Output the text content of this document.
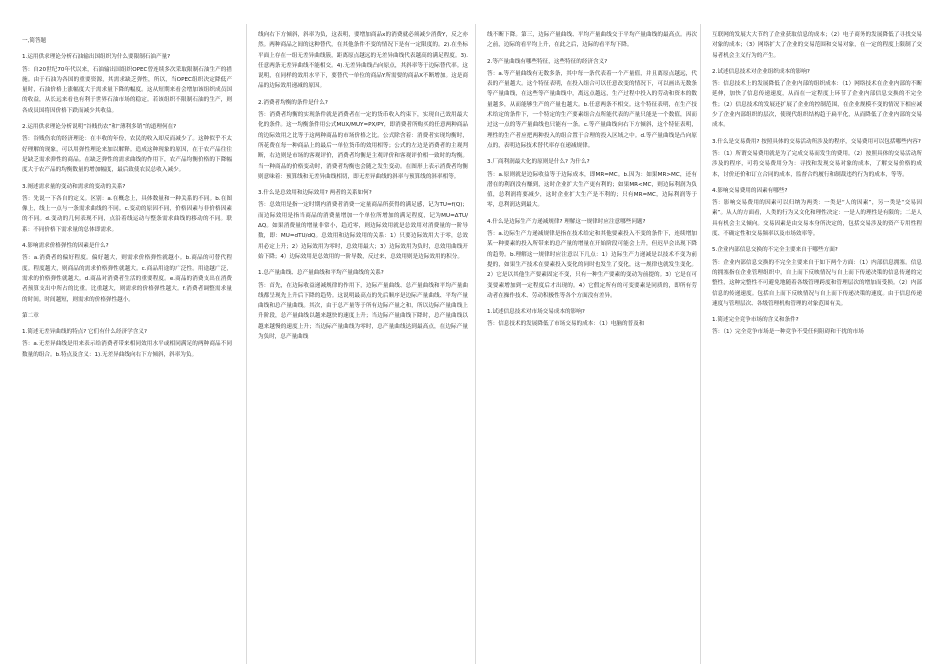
一,简答题

1.运用供求理论分析石油输出国组织为什么要限制石油产量?

答：自20世纪70年代以来，石油输出国组织OPEC曾连续多次采取限制石油生产的措施。由于石油为各国的重要资源，其需求缺乏弹性，所以，当OPEC组织决定降低产量时，石油价格上涨幅度大于需求量下降的幅度。这从短期来看会增加该组织成员国的收益，从长远来看也有利于世界石油市场的稳定。若该组织不限制石油的生产，则各成员国将因价格下跌而减少其收益。

2.运用供求理论分析说明“谷贱伤农”和“薄利多销”的道理何在?

答：谷贱伤农的经济理论：在丰收的年份，农民的收入却反而减少了。这种似乎不太好理解的现象，可以用弹性理论来加以解释。造成这种现象的原因，在于农产品往往是缺乏需求弹性的商品。在缺乏弹性的需求曲线的作用下，农产品均衡价格的下降幅度大于农产品的均衡数量的增加幅度，最后致使农民总收入减少。

3.阐述需求量的变动和需求的变动的关系?

答：先说一下各自的定义。区别：a.在概念上，具体数量和一种关系的不同。b.在图像上，线上一点与一条需求曲线的不同。c.变动的原因不同，价格因素与非价格因素的不同。d.变动的几何表现不同，点沿着线运动与整条需求曲线的移动的不同。联系：不同价格下需求量的总体即需求。

4.影响需求价格弹性的因素是什么?

答：a.消费者的偏好程度。偏好越大，则需求价格弹性就越小。b.商品的可替代程度。程度越大，则商品的需求价格弹性就越大。c.商品用途的广泛性。用途越广泛，需求的价格弹性就越大。d.商品对消费者生活的重要程度。e.商品的消费支出在消费者预算支出中所占的比重。比重越大，则需求的价格弹性越大。f.消费者调整需求量的时间。时间越短，则需求的价格弹性越小。

第二章

1.简述无差异曲线的特点? 它们有什么经济学含义?

答：a.无差异曲线是用来表示给消费者带来相同效用水平或相同满足的两种商品不同数量的组合。b.特点及含义：1).无差异曲线向右下方倾斜，斜率为负。

线向右下方倾斜，斜率为负，这表明，要增加商品x的消费就必须减少消费Y，反之亦然。两种商品之间的这种替代，在其他条件不变的情况下是有一定限度的。2).在坐标平面上存在一组无差异曲线簇，距离原点越远的无差异曲线代表越高的满足程度。3).任意两条无差异曲线不能相交。4).无差异曲线凸向原点，其斜率等于边际替代率。这说明，在同样的效用水平下，要替代一单位的商品Y所需要的商品X不断增加。这是商品的边际效用递减的原因。

2.消费者均衡的条件是什么?

答：消费者均衡的实现条件就是消费者在一定的货币收入约束下，实现自己效用最大化的条件。这一均衡条件用公式MUX/MUY=PX/PY，即消费者所购买的任意两种商品的边际效用之比等于这两种商品的市场价格之比。公式除含着：消费者实现均衡时，所花费在每一种商品上的最后一单位货币的效用相等；公式的左边是消费者的主观判断，右边则是市场的客观评价，消费者均衡是主观评价和客观评价相一致时的均衡。当一种商品的价格变动时，消费者均衡也会随之发生变动。在图形上表示消费者均衡则意味着：预算线和无差异曲线相切，即无差异曲线的斜率与预算线的斜率相等。

3.什么是总效用和边际效用? 两者的关系如何?

答：总效用是指一定时期内消费者消费一定量商品所获得的满足感，记为TU=f(Q)；而边际效用是指当商品的消费量增加一个单位所增加的满足程度，记为MU=ΔTU/ΔQ。如果消费量的增量非常小，趋近零，则边际效用就是总效用对消费量的一阶导数，即：MU=dTU/dQ。总效用和边际效用的关系：1）只要边际效用大于零，总效用必定上升；2）边际效用为零时，总效用最大；3）边际效用为负时，总效用曲线开始下降；4）边际效用是总效用的一阶导数，反过来，总效用则是边际效用的积分。

1.总产量曲线、总产量曲线和平均产量曲线的关系?

答：首先，在边际收益递减规律的作用下，边际产量曲线、总产量曲线和平均产量曲线都呈现先上升后下降的趋势。这说明最高点的先后顺序是边际产量曲线、平均产量曲线和总产量曲线。其次，由于总产量等于所有边际产量之和，所以边际产量曲线上升阶段，总产量曲线以越来越快的速度上升；当边际产量曲线下降时，总产量曲线以越来越慢的速度上升；当边际产量曲线为零时，总产量曲线达到最高点，在边际产量为负时，总产量曲线

线不断下降。第三，边际产量曲线、平均产量曲线交于平均产量曲线的最高点。再次之前，边际的看平均上升，在此之后，边际的看平均下降。

2.等产量曲线有哪些特征，这些特征的经济含义?

答：a.等产量曲线有无数多条，其中每一条代表着一个产量值，并且离原点越远，代表的产量越大。这个特征表明，在投入组合可以任意改变的情况下，可以画出无数条等产量曲线，在这些等产量曲线中，离远点越远，生产过程中投入的劳动和资本的数量越多，从而能够生产的产量也越大。b.任意两条不相交。这个特征表明，在生产技术给定的条件下，一个特定的生产要素组合点所能代表的产量只能是一个数值，因而过这一点的等产量曲线也只能有一条。c.等产量曲线向右下方倾斜，这个特征表明，理性的生产者应把两种投入的组合置于合理的投入区域之中。d.等产量曲线是凸向原点的，表明边际技术替代率存在递减规律。

3.厂商利润最大化的原则是什么? 为什么?

答：a.原则就是边际收益等于边际成本，即MR=MC。b.因为：如果MR>MC，还有潜在的利润没有赚到，这时企业扩大生产更有利的；如果MR<MC，则边际利润为负值，总利润将要减少，这时企业扩大生产是不利的；只有MR=MC，边际利润等于零，总利润达到最大。

4.什么是边际生产力递减规律? 理解这一规律时应注意哪些问题?

答：a.边际生产力递减规律是指在技术给定和其他要素投入不变的条件下，连续增加某一种要素的投入所带来的总产量的增量在开始阶段可能会上升，但迟早会出现下降的趋势。b.理解这一规律时应注意以下几点：1）边际生产力递减是以技术不变为前提的，如果生产技术在要素投入变化的同时也发生了变化，这一规律也就发生变化。2）它是以其他生产要素固定不变，只有一种生产要素的变动为前提的。3）它是在可变要素增加到一定程度后才出现的。4）它假定所有的可变要素是同质的，即所有劳动者在操作技术、劳动积极性等各个方面没有差异。

1.试述信息技术对市场交易成本的影响?

答：信息技术的发展降低了市场交易的成本：（1）电脑的普及和

互联网的发展大大节约了企业获取信息的成本；（2）电子商务的发展降低了寻找交易对象的成本；（3）网络扩大了企业的交易范围和交易对象，在一定的程度上限制了交易者机会主义行为的产生。

2.试述信息技术对企业组织成本的影响?

答：信息技术上的发展降低了企业内部的组织成本：（1）网络技术在企业内部的不断延伸，加快了信息传递速度，从而在一定程度上环节了企业内部信息交换的不完全性；（2）信息技术的发展还扩展了企业的控制范围，在企业规模不变的情况下相应减少了企业内部组织的层次，使现代组织结构趋于扁平化，从而降低了企业内部的交易成本。

3.什么是交易费用? 按照具体的交易活动所涉及的程序，交易费用可以包括哪些内容?

答：（1）所谓交易费用就是为了完成交易而发生的费用。（2）按照具体的交易活动所涉及的程序，可将交易费用分为：寻找和发现交易对象的成本，了解交易价格的成本，讨价还价和订立合同的成本，监督合约履行和制裁违约行为的成本，等等。

4.影响交易费用的因素有哪些?

答：影响交易费用的因素可以归纳为两类：一类是“人的因素”，另一类是“交易因素”。从人的方面看，人类的行为又文化和理性决定：一是人的理性是有限的；二是人具有机会主义倾向。交易因素是由交易本身所决定的，包括交易涉及的资产专用性程度、不确定性和交易频率以及市场效率等。

5.企业内部信息交换的不完全主要来自于哪些方面?

答：企业内部信息交换的不完全主要来自于如下两个方面：（1）内部信息拥塞。信息的拥塞指在企业管理组织中，自上而下反映情况与自上而下传递决策的信息传递的完整性，这种完整性不可避免地随着各级管理跨度和管理层次的增加而受损。（2）内部信息的传递速度。包括自上而下反映情况与自上而下传递决策的速度。由于信息传递速度与管理层次、各级管理机构管理的对象范围有关。

1.简述完全竞争市场的含义和条件?

答：（1）完全竞争市场是一种竞争不受任何阻碍和干扰的市场
